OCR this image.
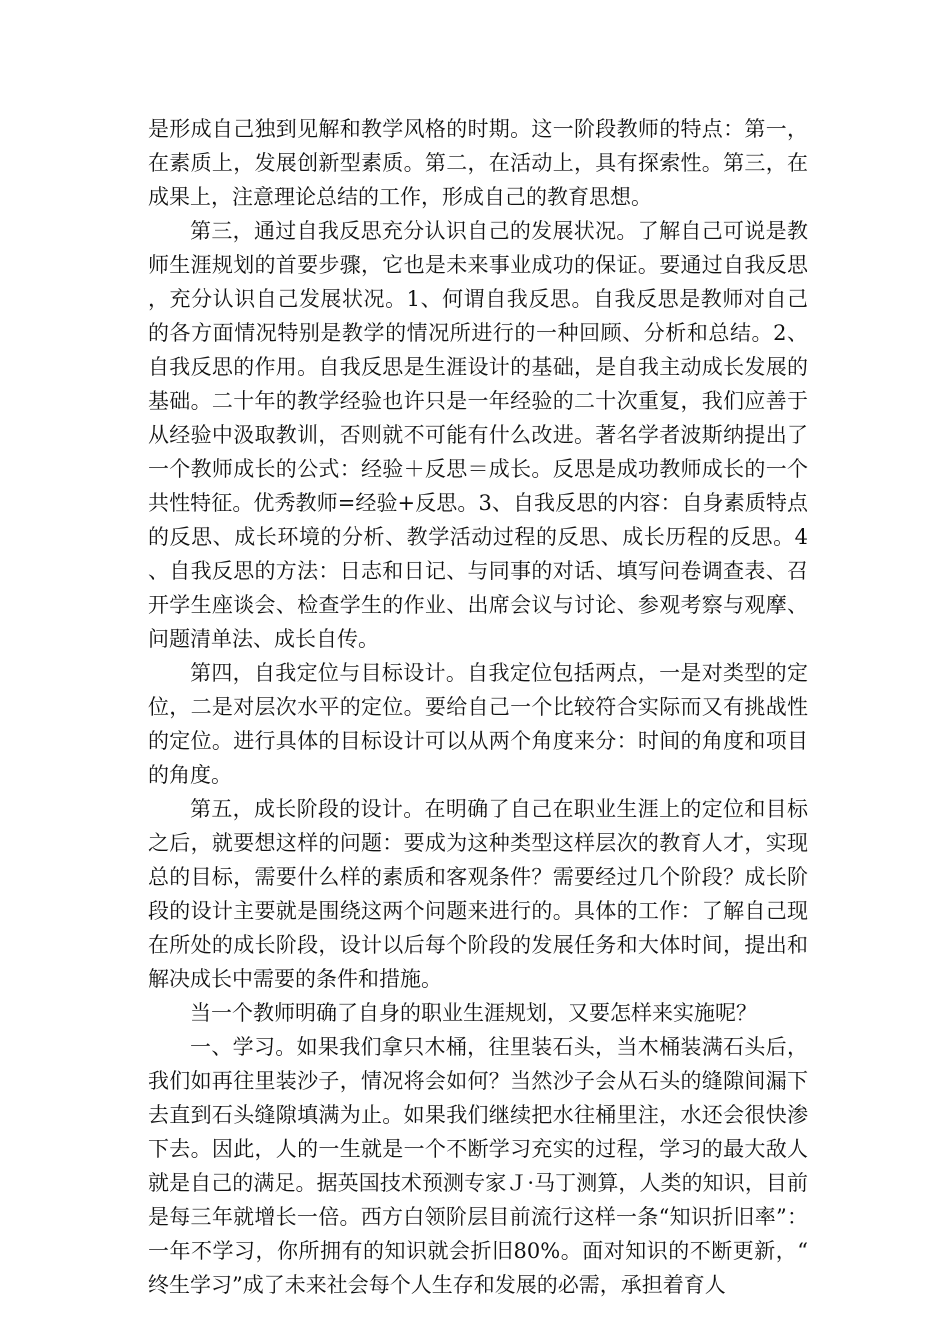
是形成自己独到见解和教学风格的时期。这一阶段教师的特点：第一，在素质上，发展创新型素质。第二，在活动上，具有探索性。第三，在成果上，注意理论总结的工作，形成自己的教育思想。

第三，通过自我反思充分认识自己的发展状况。了解自己可说是教师生涯规划的首要步骤，它也是未来事业成功的保证。要通过自我反思，充分认识自己发展状况。1、何谓自我反思。自我反思是教师对自己的各方面情况特别是教学的情况所进行的一种回顾、分析和总结。2、自我反思的作用。自我反思是生涯设计的基础，是自我主动成长发展的基础。二十年的教学经验也许只是一年经验的二十次重复，我们应善于从经验中汲取教训，否则就不可能有什么改进。著名学者波斯纳提出了一个教师成长的公式：经验＋反思＝成长。反思是成功教师成长的一个共性特征。优秀教师=经验+反思。3、自我反思的内容：自身素质特点的反思、成长环境的分析、教学活动过程的反思、成长历程的反思。4、自我反思的方法：日志和日记、与同事的对话、填写问卷调查表、召开学生座谈会、检查学生的作业、出席会议与讨论、参观考察与观摩、问题清单法、成长自传。

第四，自我定位与目标设计。自我定位包括两点，一是对类型的定位，二是对层次水平的定位。要给自己一个比较符合实际而又有挑战性的定位。进行具体的目标设计可以从两个角度来分：时间的角度和项目的角度。

第五，成长阶段的设计。在明确了自己在职业生涯上的定位和目标之后，就要想这样的问题：要成为这种类型这样层次的教育人才，实现总的目标，需要什么样的素质和客观条件？需要经过几个阶段？成长阶段的设计主要就是围绕这两个问题来进行的。具体的工作：了解自己现在所处的成长阶段，设计以后每个阶段的发展任务和大体时间，提出和解决成长中需要的条件和措施。

当一个教师明确了自身的职业生涯规划，又要怎样来实施呢？

一、学习。如果我们拿只木桶，往里装石头，当木桶装满石头后，我们如再往里装沙子，情况将会如何？当然沙子会从石头的缝隙间漏下去直到石头缝隙填满为止。如果我们继续把水往桶里注，水还会很快渗下去。因此，人的一生就是一个不断学习充实的过程，学习的最大敌人就是自己的满足。据英国技术预测专家Ｊ·马丁测算，人类的知识，目前是每三年就增长一倍。西方白领阶层目前流行这样一条“知识折旧率”：一年不学习，你所拥有的知识就会折旧80%。面对知识的不断更新，“终生学习”成了未来社会每个人生存和发展的必需，承担着育人
